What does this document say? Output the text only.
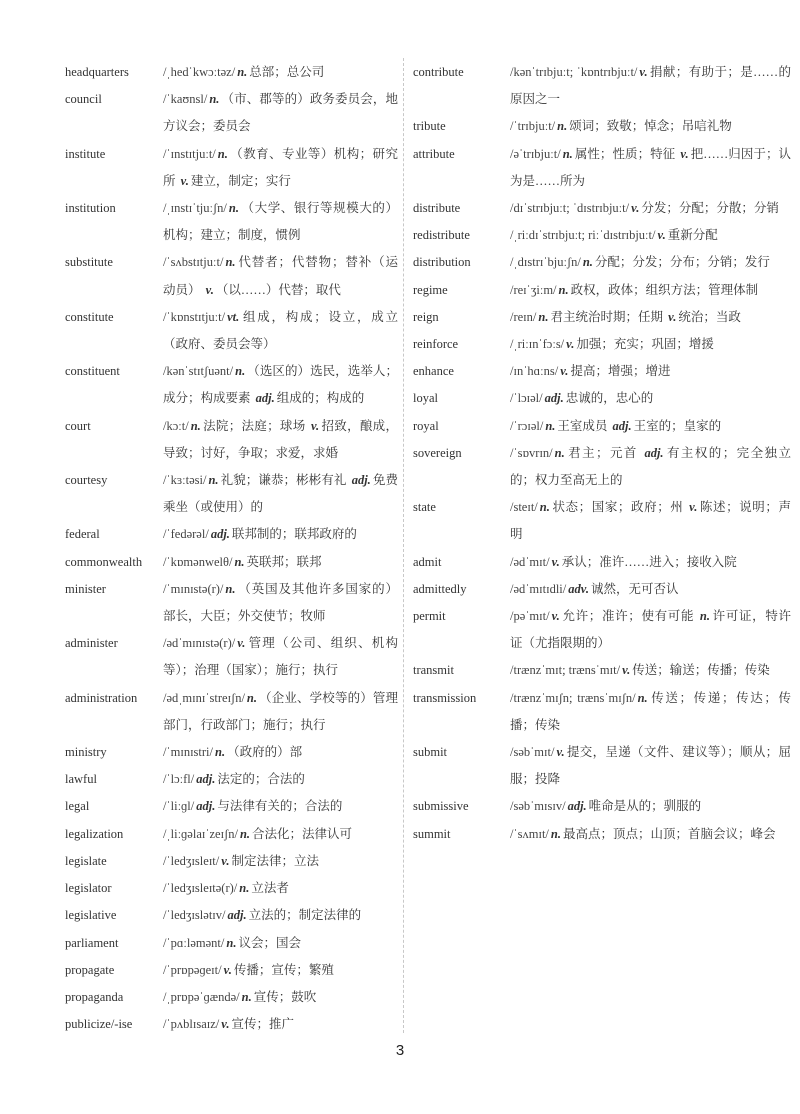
headquarters	/ˌhedˈkwɔːtəz/ n. 总部；总公司
council	/ˈkaʊnsl/ n. （市、郡等的）政务委员会，地方议会；委员会
institute	/ˈɪnstɪtjuːt/ n. （教育、专业等）机构；研究所 v. 建立，制定；实行
institution	/ˌɪnstɪˈtjuːʃn/ n. （大学、银行等规模大的）机构；建立；制度，惯例
substitute	/ˈsʌbstɪtjuːt/ n. 代替者；代替物；替补（运动员） v. （以……）代替；取代
constitute	/ˈkɒnstɪtjuːt/ vt. 组成，构成；设立，成立（政府、委员会等）
constituent	/kənˈstɪtʃuənt/ n. （选区的）选民，选举人；成分；构成要素 adj. 组成的；构成的
court	/kɔːt/ n. 法院；法庭；球场 v. 招致，酿成，导致；讨好，争取；求爱，求婚
courtesy	/ˈkɜːtəsi/ n. 礼貌；谦恭；彬彬有礼 adj. 免费乘坐（或使用）的
federal	/ˈfedərəl/ adj. 联邦制的；联邦政府的
commonwealth	/ˈkɒmənwelθ/ n. 英联邦；联邦
minister	/ˈmɪnɪstə(r)/ n. （英国及其他许多国家的）部长，大臣；外交使节；牧师
administer	/ədˈmɪnɪstə(r)/ v. 管理（公司、组织、机构等）；治理（国家）；施行；执行
administration	/ədˌmɪnɪˈstreɪʃn/ n. （企业、学校等的）管理部门，行政部门；施行；执行
ministry	/ˈmɪnɪstri/ n. （政府的）部
lawful	/ˈlɔːfl/ adj. 法定的；合法的
legal	/ˈliːɡl/ adj. 与法律有关的；合法的
legalization	/ˌliːɡəlaɪˈzeɪʃn/ n. 合法化；法律认可
legislate	/ˈledʒɪsleɪt/ v. 制定法律；立法
legislator	/ˈledʒɪsleɪtə(r)/ n. 立法者
legislative	/ˈledʒɪslətɪv/ adj. 立法的；制定法律的
parliament	/ˈpɑːləmənt/ n. 议会；国会
propagate	/ˈprɒpəɡeɪt/ v. 传播；宣传；繁殖
propaganda	/ˌprɒpəˈɡændə/ n. 宣传；鼓吹
publicize/-ise	/ˈpʌblɪsaɪz/ v. 宣传；推广
contribute	/kənˈtrɪbjuːt; ˈkɒntrɪbjuːt/ v. 捐献；有助于；是……的原因之一
tribute	/ˈtrɪbjuːt/ n. 颂词；致敬；悼念；吊唁礼物
attribute	/əˈtrɪbjuːt/ n. 属性；性质；特征 v. 把……归因于；认为是……所为
distribute	/dɪˈstrɪbjuːt; ˈdɪstrɪbjuːt/ v. 分发；分配；分散；分销
redistribute	/ˌriːdɪˈstrɪbjuːt; riːˈdɪstrɪbjuːt/ v. 重新分配
distribution	/ˌdɪstrɪˈbjuːʃn/ n. 分配；分发；分布；分销；发行
regime	/reɪˈʒiːm/ n. 政权，政体；组织方法；管理体制
reign	/reɪn/ n. 君主统治时期；任期 v. 统治；当政
reinforce	/ˌriːɪnˈfɔːs/ v. 加强；充实；巩固；增援
enhance	/ɪnˈhɑːns/ v. 提高；增强；增进
loyal	/ˈlɔɪəl/ adj. 忠诚的，忠心的
royal	/ˈrɔɪəl/ n. 王室成员 adj. 王室的；皇家的
sovereign	/ˈsɒvrɪn/ n. 君主；元首 adj. 有主权的；完全独立的；权力至高无上的
state	/steɪt/ n. 状态；国家；政府；州 v. 陈述；说明；声明
admit	/ədˈmɪt/ v. 承认；准许……进入；接收入院
admittedly	/ədˈmɪtɪdli/ adv. 诚然，无可否认
permit	/pəˈmɪt/ v. 允许；准许；使有可能 n. 许可证，特许证（尤指限期的）
transmit	/trænzˈmɪt; trænsˈmɪt/ v. 传送；输送；传播；传染
transmission	/trænzˈmɪʃn; trænsˈmɪʃn/ n. 传送；传递；传达；传播；传染
submit	/səbˈmɪt/ v. 提交，呈递（文件、建议等）；顺从；屈服；投降
submissive	/səbˈmɪsɪv/ adj. 唯命是从的；驯服的
summit	/ˈsʌmɪt/ n. 最高点；顶点；山顶；首脑会议；峰会
3
